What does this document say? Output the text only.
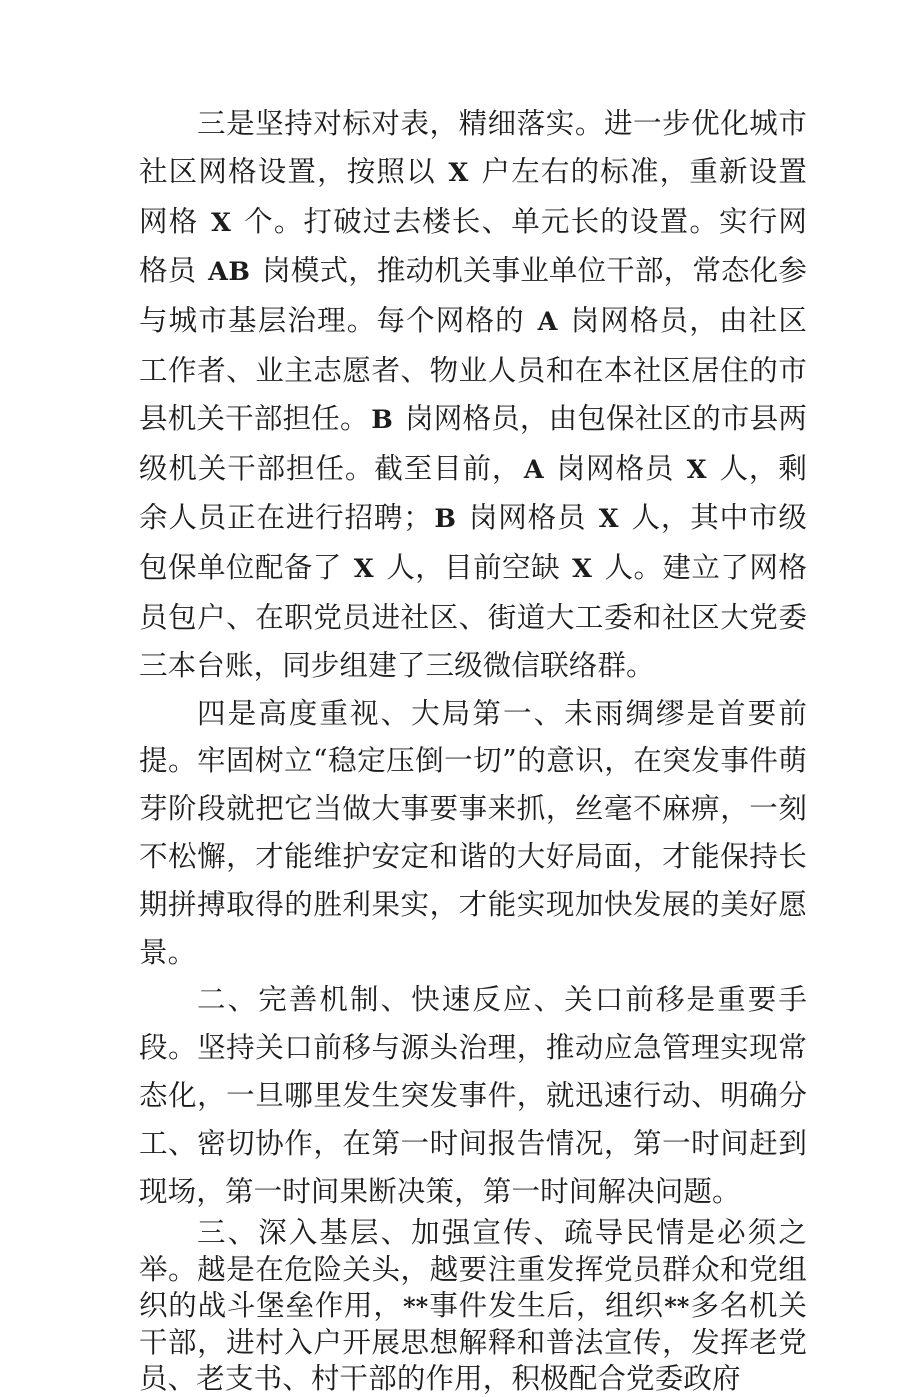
三是坚持对标对表，精细落实。进一步优化城市社区网格设置，按照以 X 户左右的标准，重新设置网格 X 个。打破过去楼长、单元长的设置。实行网格员 AB 岗模式，推动机关事业单位干部，常态化参与城市基层治理。每个网格的 A 岗网格员，由社区工作者、业主志愿者、物业人员和在本社区居住的市县机关干部担任。B 岗网格员，由包保社区的市县两级机关干部担任。截至目前，A 岗网格员 X 人，剩余人员正在进行招聘；B 岗网格员 X 人，其中市级包保单位配备了 X 人，目前空缺 X 人。建立了网格员包户、在职党员进社区、街道大工委和社区大党委三本台账，同步组建了三级微信联络群。

四是高度重视、大局第一、未雨绸缪是首要前提。牢固树立“稳定压倒一切”的意识，在突发事件萌芽阶段就把它当做大事要事来抓，丝毫不麻痹，一刻不松懈，才能维护安定和谐的大好局面，才能保持长期拼搏取得的胜利果实，才能实现加快发展的美好愿景。

二、完善机制、快速反应、关口前移是重要手段。坚持关口前移与源头治理，推动应急管理实现常态化，一旦哪里发生突发事件，就迅速行动、明确分工、密切协作，在第一时间报告情况，第一时间赶到现场，第一时间果断决策，第一时间解决问题。

三、深入基层、加强宣传、疏导民情是必须之举。越是在危险关头，越要注重发挥党员群众和党组织的战斗堡垒作用，**事件发生后，组织**多名机关干部，进村入户开展思想解释和普法宣传，发挥老党员、老支书、村干部的作用，积极配合党委政府
